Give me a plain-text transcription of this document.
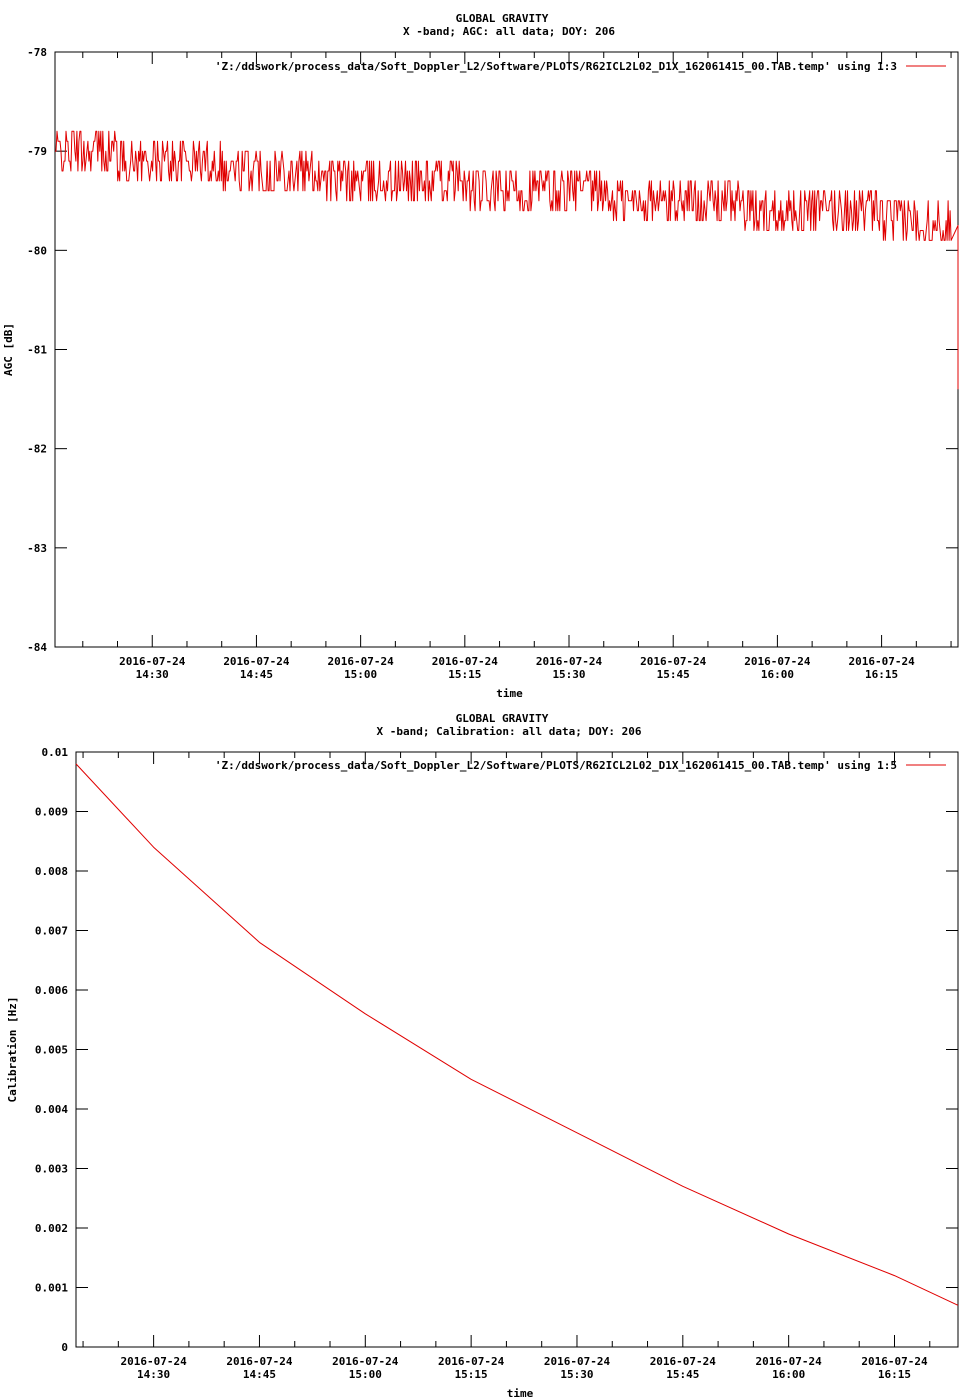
GLOBAL GRAVITY
X -band; AGC: all data; DOY: 206
-78
-79
-80
-81
-82
-83
-84
2016-07-24
14:30
2016-07-24
14:45
2016-07-24
15:00
2016-07-24
15:15
2016-07-24
15:30
2016-07-24
15:45
2016-07-24
16:00
2016-07-24
16:15
time
AGC [dB]
'Z:/ddswork/process_data/Soft_Doppler_L2/Software/PLOTS/R62ICL2L02_D1X_162061415_00.TAB.temp' using 1:3
GLOBAL GRAVITY
X -band; Calibration: all data; DOY: 206
0.01
0.009
0.008
0.007
0.006
0.005
0.004
0.003
0.002
0.001
0
2016-07-24
14:30
2016-07-24
14:45
2016-07-24
15:00
2016-07-24
15:15
2016-07-24
15:30
2016-07-24
15:45
2016-07-24
16:00
2016-07-24
16:15
time
Calibration [Hz]
'Z:/ddswork/process_data/Soft_Doppler_L2/Software/PLOTS/R62ICL2L02_D1X_162061415_00.TAB.temp' using 1:5
